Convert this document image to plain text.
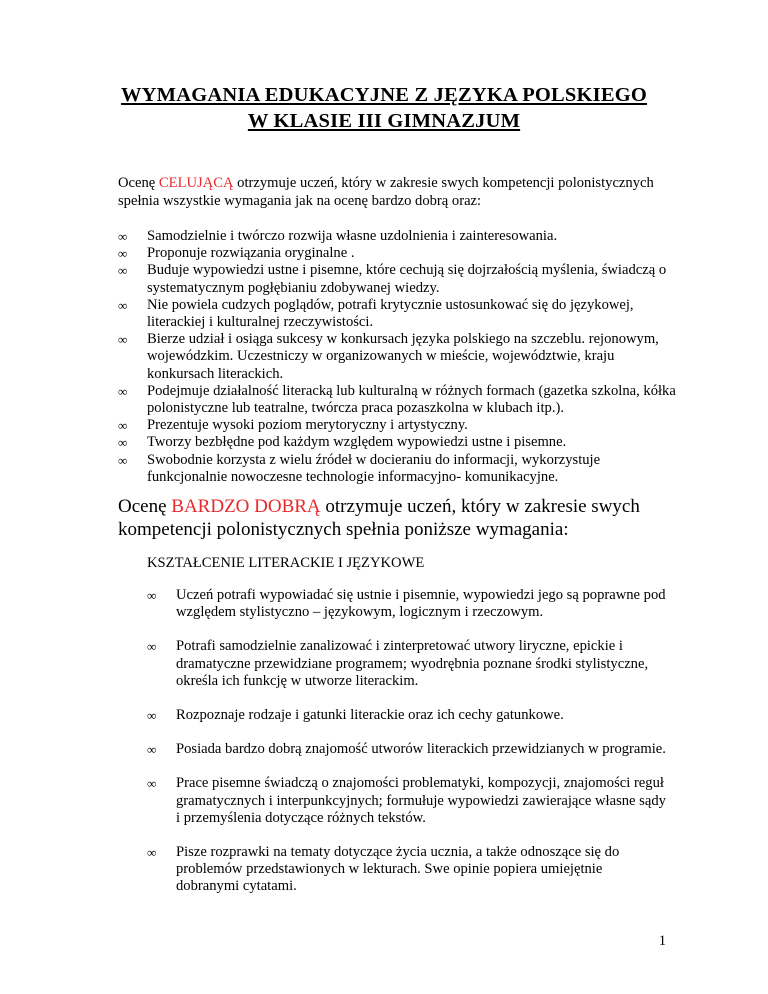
WYMAGANIA EDUKACYJNE Z JĘZYKA POLSKIEGO
W KLASIE III GIMNAZJUM
Ocenę CELUJĄCĄ otrzymuje uczeń, który w zakresie swych kompetencji polonistycznych spełnia wszystkie wymagania jak na ocenę bardzo dobrą oraz:
∞ Samodzielnie i twórczo rozwija własne uzdolnienia i zainteresowania.
∞ Proponuje rozwiązania oryginalne .
∞ Buduje wypowiedzi ustne i pisemne, które cechują się dojrzałością myślenia, świadczą o systematycznym pogłębianiu zdobywanej wiedzy.
∞ Nie powiela cudzych poglądów, potrafi krytycznie ustosunkować się do językowej, literackiej i kulturalnej rzeczywistości.
∞ Bierze udział i osiąga sukcesy w konkursach języka polskiego na szczeblu. rejonowym, wojewódzkim. Uczestniczy w organizowanych w mieście, województwie, kraju konkursach literackich.
∞ Podejmuje działalność literacką lub kulturalną w różnych formach (gazetka szkolna, kółka polonistyczne lub teatralne, twórcza praca pozaszkolna w klubach itp.).
∞ Prezentuje wysoki poziom merytoryczny i artystyczny.
∞ Tworzy bezbłędne pod każdym względem wypowiedzi ustne i pisemne.
∞ Swobodnie korzysta z wielu źródeł w docieraniu do informacji, wykorzystuje funkcjonalnie nowoczesne technologie informacyjno- komunikacyjne.
Ocenę BARDZO DOBRĄ otrzymuje uczeń, który w zakresie swych kompetencji polonistycznych spełnia poniższe wymagania:
KSZTAŁCENIE LITERACKIE I JĘZYKOWE
∞ Uczeń potrafi wypowiadać się ustnie i pisemnie, wypowiedzi jego są poprawne pod względem stylistyczno – językowym, logicznym i rzeczowym.
∞ Potrafi samodzielnie zanalizować i zinterpretować utwory liryczne, epickie i dramatyczne przewidziane programem; wyodrębnia poznane środki stylistyczne, określa ich funkcję w utworze literackim.
∞ Rozpoznaje rodzaje i gatunki literackie oraz ich cechy gatunkowe.
∞ Posiada bardzo dobrą znajomość utworów literackich przewidzianych w programie.
∞ Prace pisemne świadczą o znajomości problematyki, kompozycji, znajomości reguł gramatycznych i interpunkcyjnych; formułuje wypowiedzi zawierające własne sądy i przemyślenia dotyczące różnych tekstów.
∞ Pisze rozprawki na tematy dotyczące życia ucznia, a także odnoszące się do problemów przedstawionych w lekturach. Swe opinie popiera umiejętnie dobranymi cytatami.
1
